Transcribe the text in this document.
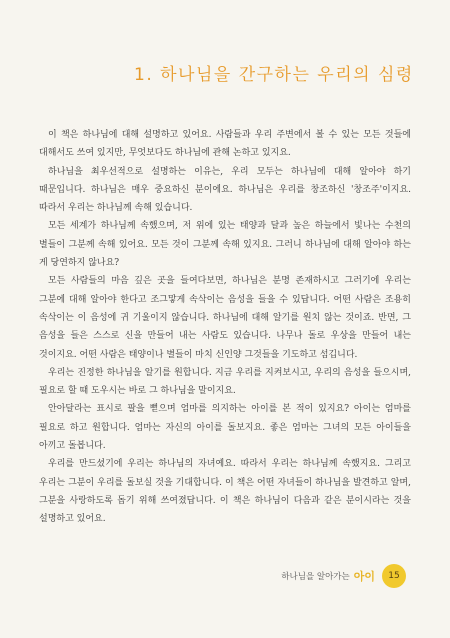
1. 하나님을 간구하는 우리의 심령

이 책은 하나님에 대해 설명하고 있어요. 사람들과 우리 주변에서 볼 수 있는 모든 것들에 대해서도 쓰여 있지만, 무엇보다도 하나님에 관해 논하고 있지요.

하나님을 최우선적으로 설명하는 이유는, 우리 모두는 하나님에 대해 알아야 하기 때문입니다. 하나님은 매우 중요하신 분이에요. 하나님은 우리를 창조하신 '창조주'이지요. 따라서 우리는 하나님께 속해 있습니다.

모든 세계가 하나님께 속했으며, 저 위에 있는 태양과 달과 높은 하늘에서 빛나는 수천의 별들이 그분께 속해 있어요. 모든 것이 그분께 속해 있지요. 그러니 하나님에 대해 알아야 하는 게 당연하지 않나요?

모든 사람들의 마음 깊은 곳을 들여다보면, 하나님은 분명 존재하시고 그러기에 우리는 그분에 대해 알아야 한다고 조그맣게 속삭이는 음성을 들을 수 있답니다. 어떤 사람은 조용히 속삭이는 이 음성에 귀 기울이지 않습니다. 하나님에 대해 알기를 원치 않는 것이죠. 반면, 그 음성을 들은 스스로 신을 만들어 내는 사람도 있습니다. 나무나 돌로 우상을 만들어 내는 것이지요. 어떤 사람은 태양이나 별들이 마치 신인양 그것들을 기도하고 섬깁니다.

우리는 진정한 하나님을 알기를 원합니다. 지금 우리를 지켜보시고, 우리의 음성을 들으시며, 필요로 할 때 도우시는 바로 그 하나님을 말이지요.

안아달라는 표시로 팔을 뻗으며 엄마를 의지하는 아이를 본 적이 있지요? 아이는 엄마를 필요로 하고 원합니다. 엄마는 자신의 아이를 돌보지요. 좋은 엄마는 그녀의 모든 아이들을 아끼고 돌봅니다.

우리를 만드셨기에 우리는 하나님의 자녀예요. 따라서 우리는 하나님께 속했지요. 그리고 우리는 그분이 우리를 돌보실 것을 기대합니다. 이 책은 어떤 자녀들이 하나님을 발견하고 알며, 그분을 사랑하도록 돕기 위해 쓰여졌답니다. 이 책은 하나님이 다음과 같은 분이시라는 것을 설명하고 있어요.

하나님을 알아가는 아이	15
